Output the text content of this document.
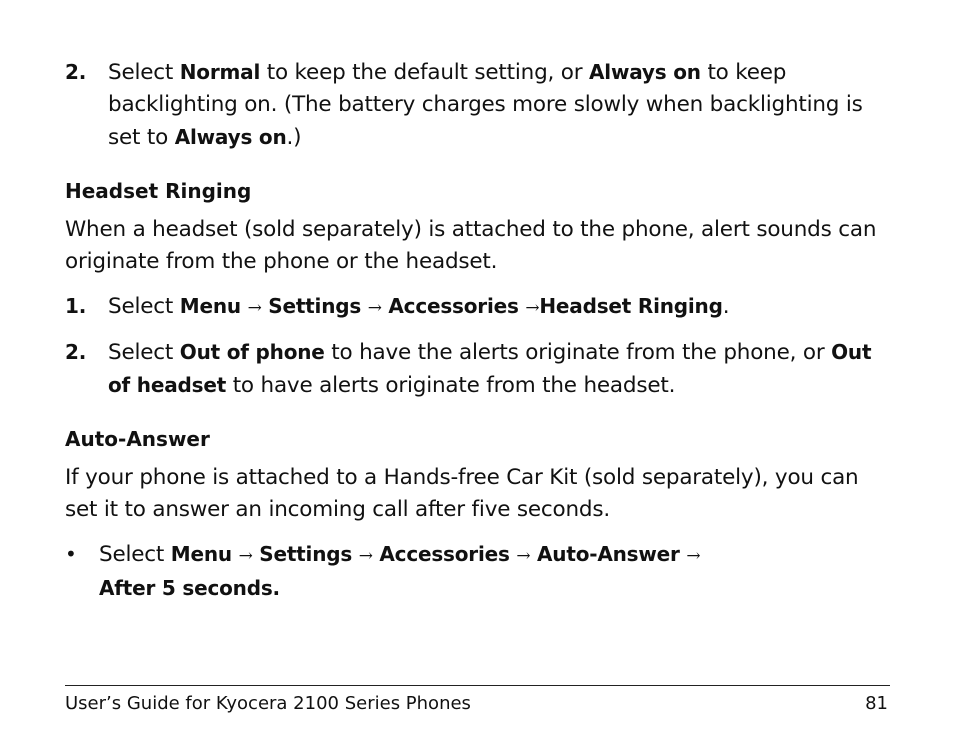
2. Select Normal to keep the default setting, or Always on to keep backlighting on. (The battery charges more slowly when backlighting is set to Always on.)
Headset Ringing

When a headset (sold separately) is attached to the phone, alert sounds can originate from the phone or the headset.

1. Select Menu → Settings → Accessories →Headset Ringing.
2. Select Out of phone to have the alerts originate from the phone, or Out of headset to have alerts originate from the headset.
Auto-Answer

If your phone is attached to a Hands-free Car Kit (sold separately), you can set it to answer an incoming call after five seconds.

• Select Menu → Settings → Accessories → Auto-Answer →
After 5 seconds.
User’s Guide for Kyocera 2100 Series Phones	81
